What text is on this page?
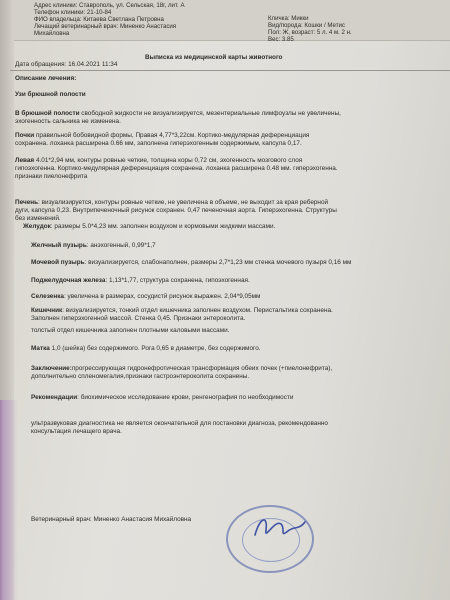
Адрес клиники: Ставрополь, ул. Сельская, 18г, лит. А
Телефон клиники: 21-10-84
ФИО владельца: Китаева Светлана Петровна
Лечащий ветеринарный врач: Миненко Анастасия
Михайловна
Кличка: Микки
Вид/порода: Кошки / Метис
Пол: Ж, возраст: 5 л. 4 м. 2 н.
Вес: 3.85
Выписка из медицинской карты животного
Дата обращения: 16.04.2021 11:34
Описание лечения:
Узи брюшной полости
В брюшной полости свободной жидкости не визуализируется, мезентериальные лимфоузлы не увеличены,
эхогенность сальника не изменена.
Почки правильной бобовидной формы, Правая 4,77*3,22см. Кортико-медулярная деференциация
сохранена. лоханка расширена 0.66 мм, заполнена гиперэхогенным содержимым, капсула 0,17.
Левая 4.01*2,94 мм, контуры ровные четкие, толщина коры 0,72 см, эхогенность мозгового слоя
гипоэхогенна. Кортико-медулярная деференциация сохранена. лоханка расширена 0.48 мм. гиперэхогенна.
признаки пиелонефрита
Печень: визуализируется, контуры ровные четкие, не увеличена в объеме, не выходит за края реберной
дуги, капсула 0,23. Внутрипеченочный рисунок сохранен. 0,47 печеночная аорта. Гиперэхогенна. Структуры
без изменений.
Желудок: размеры 5.0*4,23 мм. заполнен воздухом и кормовыми жидкими массами.
Желчный пузырь: анэхогенный, 0,99*1,7
Мочевой пузырь: визуализируется, слабонаполнен, размеры 2,7*1,23 мм стенка мочевого пузыря 0,16 мм
Поджелудочная железа: 1,13*1,77, структура сохранена, гипоэхогенная.
Селезенка: увеличена в размерах, сосудистй рисунок выражен. 2,04*9,05мм
Кишечник: визуализируется, тонкий отдел кишечника заполнен воздухом. Перистальтика сохранена.
Заполнен гиперэхогенной массой. Стенка 0,45. Признаки энтероколита.
толстый отдел кишечника заполнен плотными каловыми массами.
Матка 1,0 (шейка) без содержимого. Рога 0,65 в диаметре, без содержимого.
Заключение:прогрессирующая гидронефротическая трансформация обеих почек (+пиелонефрита),
дополнительно спленомегалия,признаки гастроэнтероколита сохранены.
Рекомендации: биохимическое исследование крови, ренгенография по необходимости
ультразвуковая диагностика не является окончательной для постановки диагноза, рекомендованно
консультация лечащего врача.
Ветеринарный врач: Миненко Анастасия Михайловна
